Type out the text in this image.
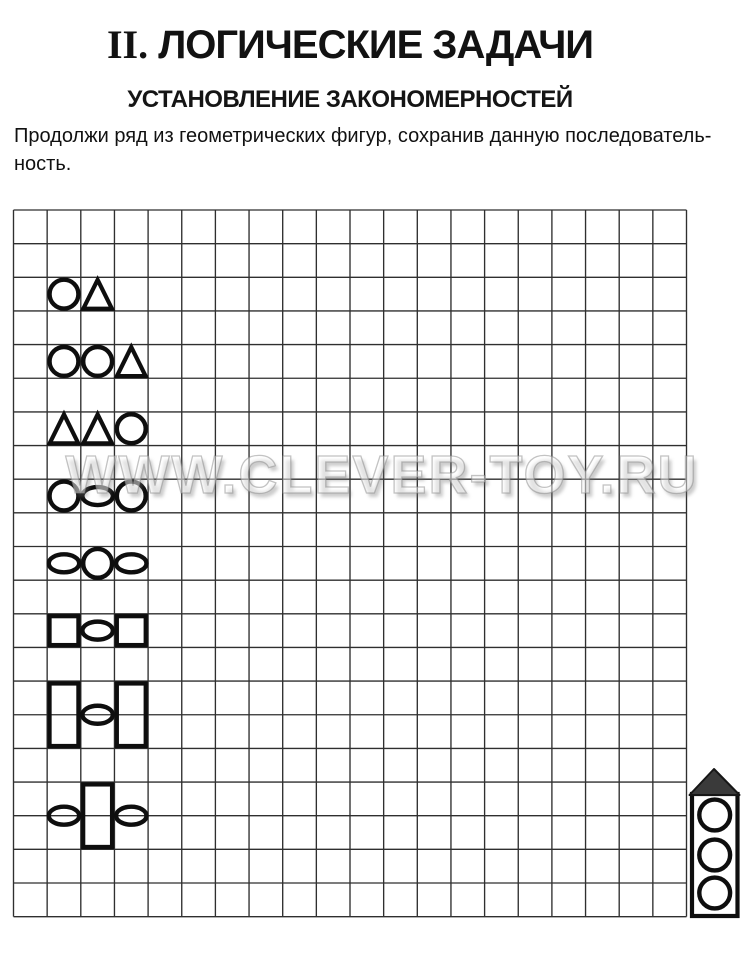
II. ЛОГИЧЕСКИЕ ЗАДАЧИ
УСТАНОВЛЕНИЕ ЗАКОНОМЕРНОСТЕЙ
Продолжи ряд из геометрических фигур, сохранив данную последователь-
ность.
WWW.CLEVER-TOY.RU
